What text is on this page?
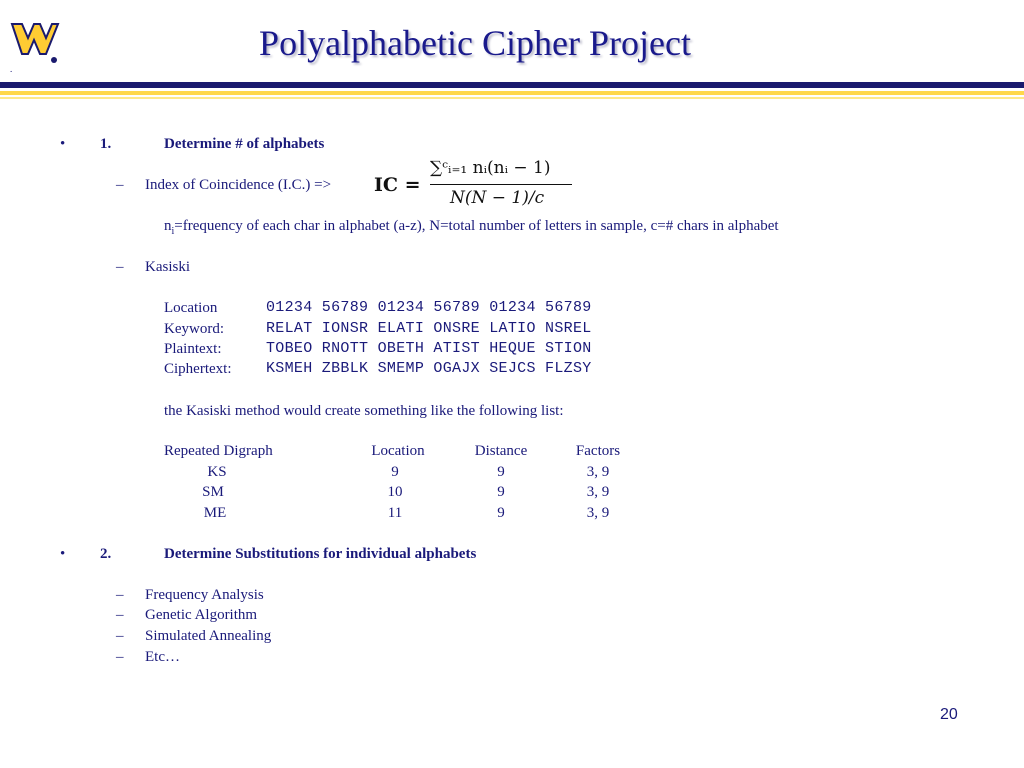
.
Polyalphabetic Cipher Project
• 1.	Determine # of alphabets
– Index of Coincidence (I.C.) => IC =
∑ᶜᵢ₌₁ nᵢ(nᵢ − 1)
N(N − 1)/c
$n_i=frequency$ of each char in alphabet (a-z), N=total number of letters in sample, c=# chars in alphabet
– Kasiski
Location	01234 56789 01234 56789 01234 56789
Keyword:	RELAT IONSR ELATI ONSRE LATIO NSREL
Plaintext:	TOBEO RNOTT OBETH ATIST HEQUE STION
Ciphertext: KSMEH ZBBLK SMEMP OGAJX SEJCS FLZSY
the Kasiski method would create something like the following list:
Repeated Digraph	Location	Distance	Factors
KS	9	9	3, 9
SM	10	9	3, 9
ME	11	9	3, 9
• 2.	Determine Substitutions for individual alphabets
– Frequency Analysis
– Genetic Algorithm
– Simulated Annealing
– Etc…
20
